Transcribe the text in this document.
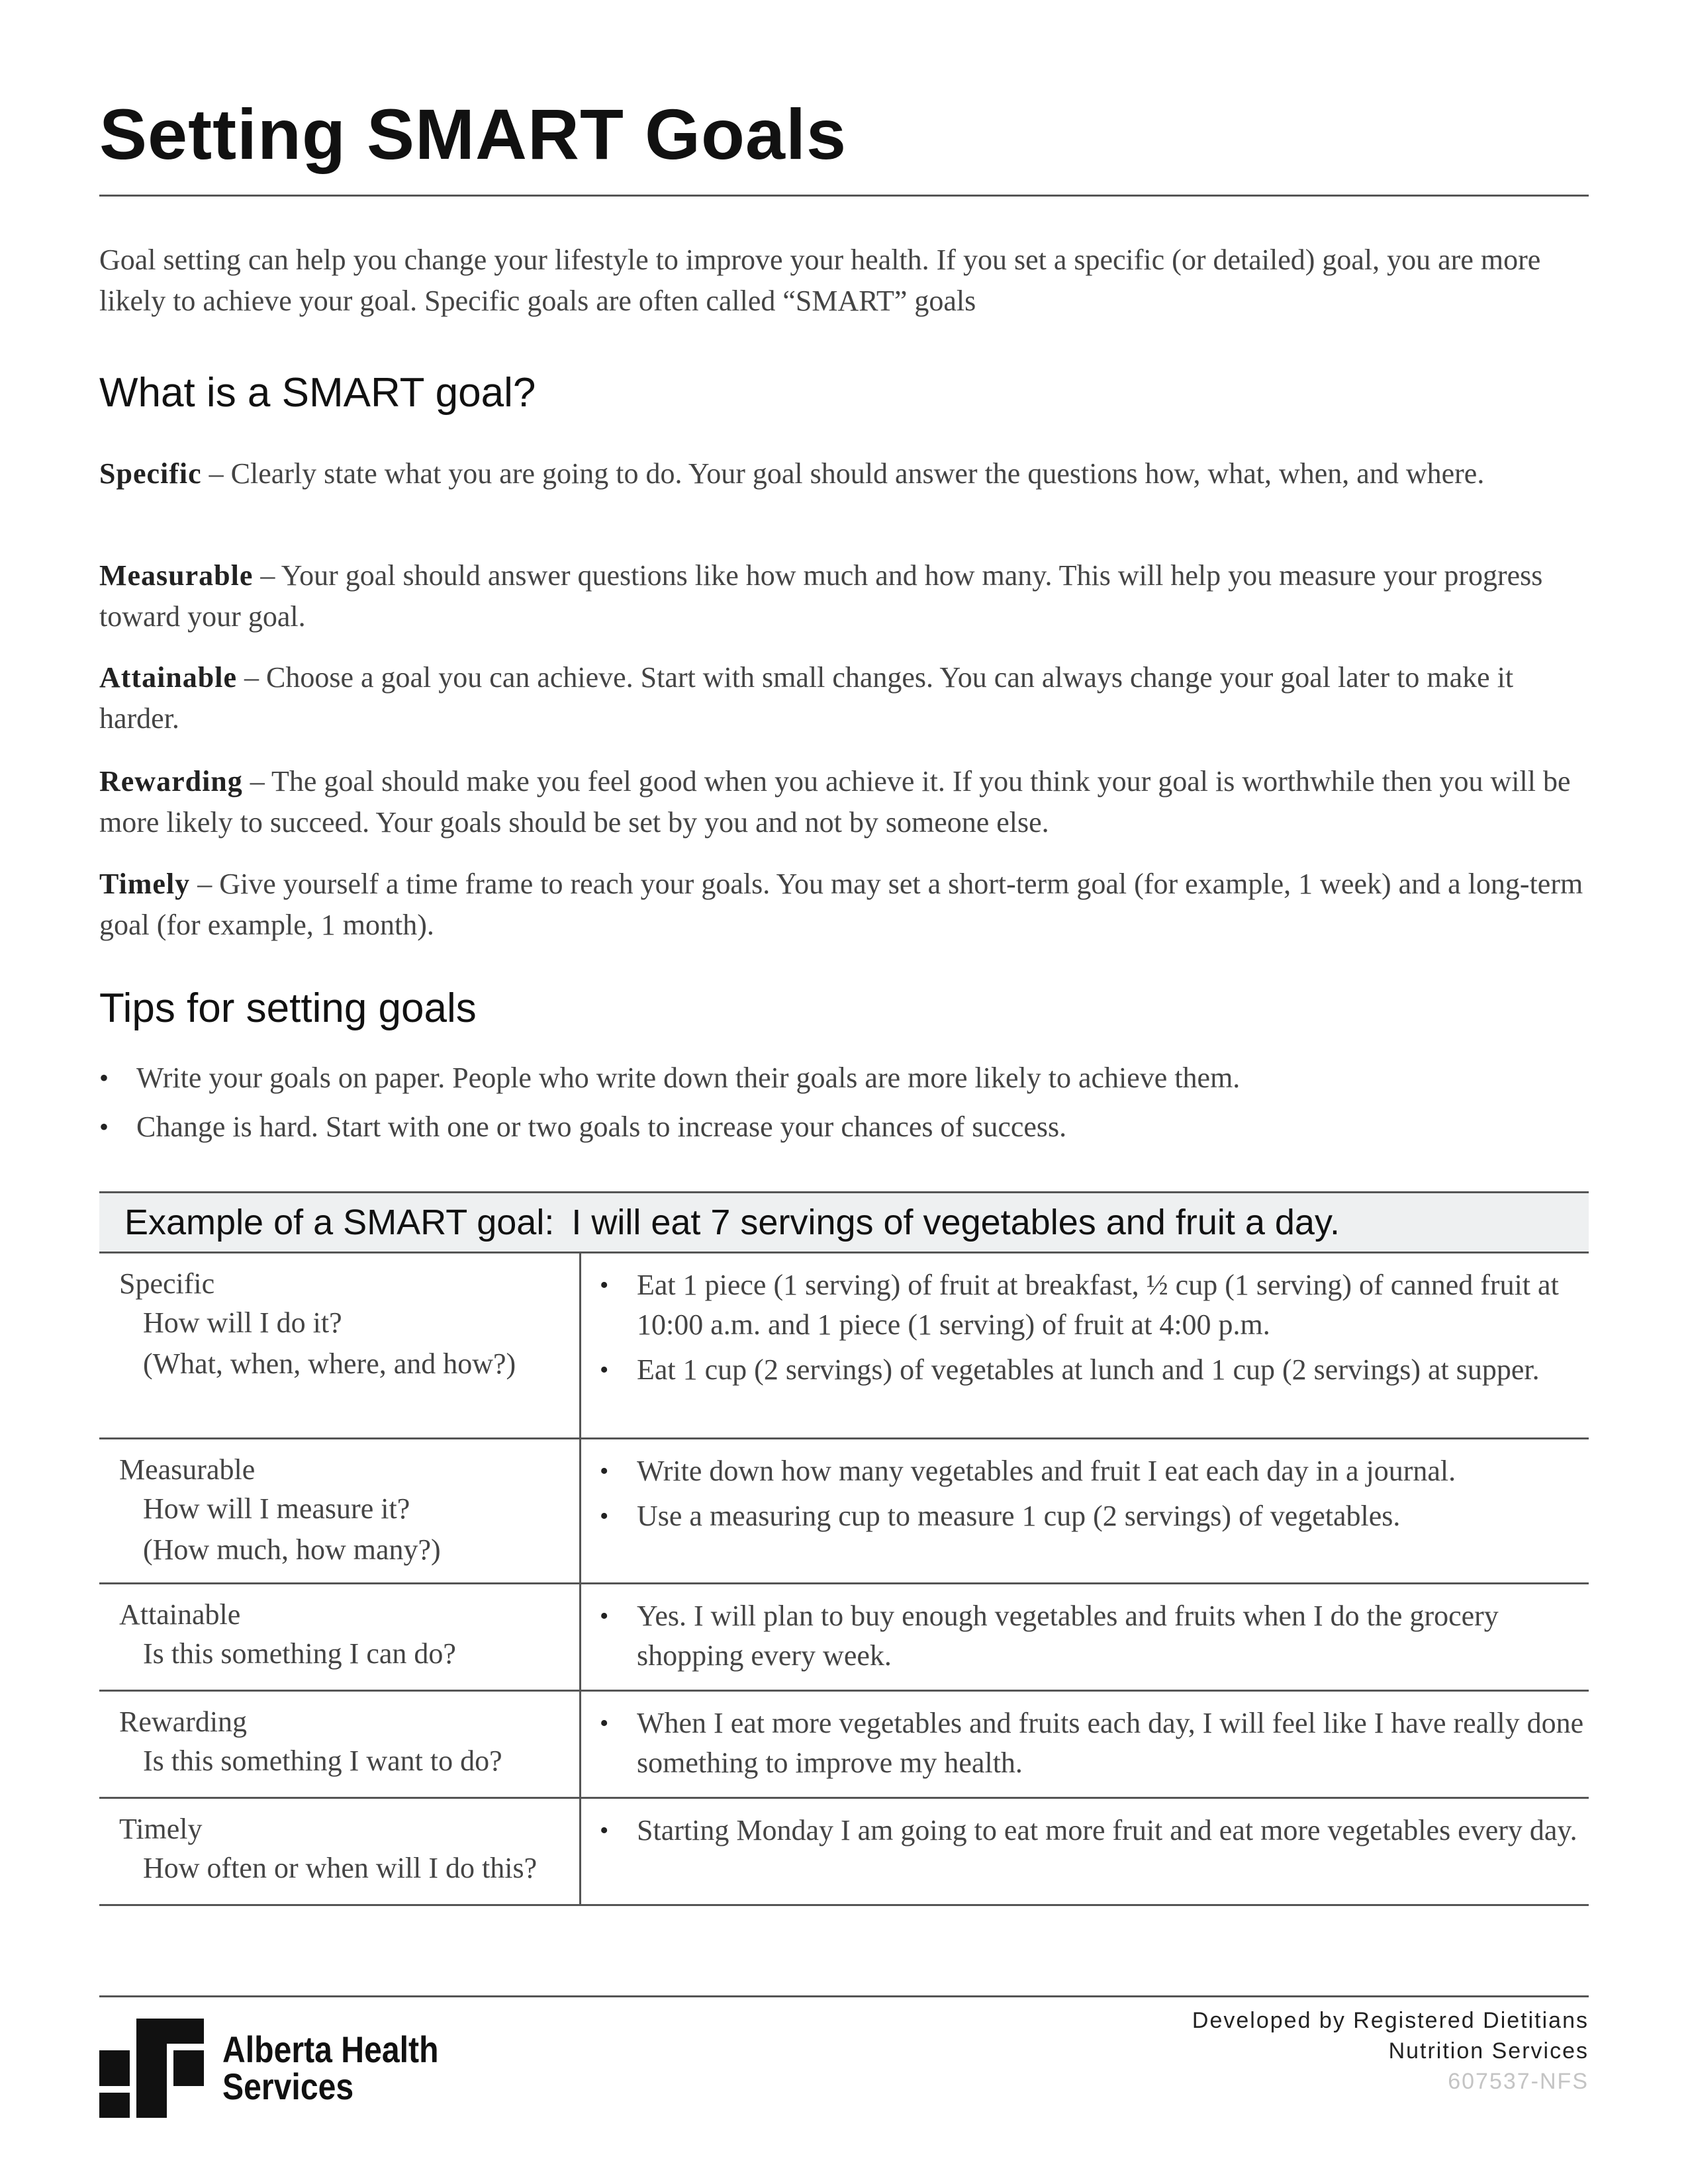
Setting SMART Goals

Goal setting can help you change your lifestyle to improve your health. If you set a specific (or detailed) goal, you are more likely to achieve your goal. Specific goals are often called “SMART” goals

What is a SMART goal?

Specific – Clearly state what you are going to do. Your goal should answer the questions how, what, when, and where.

Measurable – Your goal should answer questions like how much and how many. This will help you measure your progress toward your goal.

Attainable – Choose a goal you can achieve. Start with small changes. You can always change your goal later to make it harder.

Rewarding – The goal should make you feel good when you achieve it. If you think your goal is worthwhile then you will be more likely to succeed. Your goals should be set by you and not by someone else.

Timely – Give yourself a time frame to reach your goals. You may set a short-term goal (for example, 1 week) and a long-term goal (for example, 1 month).

Tips for setting goals
• Write your goals on paper. People who write down their goals are more likely to achieve them.
• Change is hard. Start with one or two goals to increase your chances of success.
Example of a SMART goal: I will eat 7 servings of vegetables and fruit a day.
Specific
How will I do it?
(What, when, where, and how?)
• Eat 1 piece (1 serving) of fruit at breakfast, ½ cup (1 serving) of canned fruit at 10:00 a.m. and 1 piece (1 serving) of fruit at 4:00 p.m.
• Eat 1 cup (2 servings) of vegetables at lunch and 1 cup (2 servings) at supper.
Measurable
How will I measure it?
(How much, how many?)
• Write down how many vegetables and fruit I eat each day in a journal.
• Use a measuring cup to measure 1 cup (2 servings) of vegetables.
Attainable
Is this something I can do?
• Yes. I will plan to buy enough vegetables and fruits when I do the grocery shopping every week.
Rewarding
Is this something I want to do?
• When I eat more vegetables and fruits each day, I will feel like I have really done something to improve my health.
Timely
How often or when will I do this?
• Starting Monday I am going to eat more fruit and eat more vegetables every day.
Alberta Health
Services
Developed by Registered Dietitians
Nutrition Services
607537-NFS
